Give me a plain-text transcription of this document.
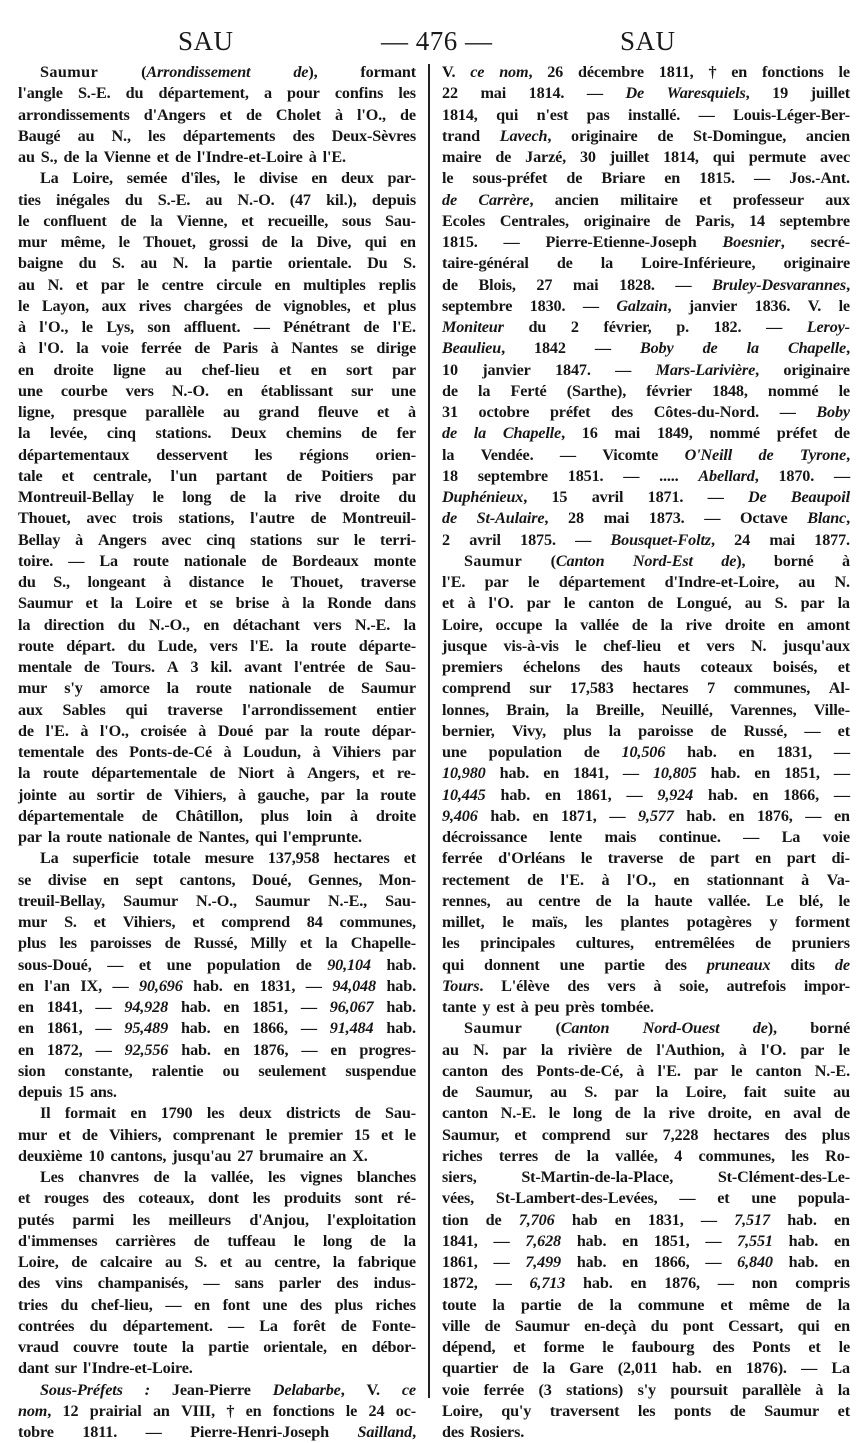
SAU	— 476 —	SAU
Saumur	(Arrondissement	de),	formant
l'angle S.-E. du département, a pour confins les
arrondissements d'Angers et de Cholet à l'O., de
Baugé au N., les départements des Deux-Sèvres
au S., de la Vienne et de l'Indre-et-Loire à l'E.
La Loire, semée d'îles, le divise en deux par-
ties inégales du S.-E. au N.-O. (47 kil.), depuis
le confluent de la Vienne, et recueille, sous Sau-
mur même, le Thouet, grossi de la Dive, qui en
baigne du S. au N. la partie orientale. Du S.
au N. et par le centre circule en multiples replis
le Layon, aux rives chargées de vignobles, et plus
à l'O., le Lys, son affluent. — Pénétrant de l'E.
à l'O. la voie ferrée de Paris à Nantes se dirige
en droite ligne au chef-lieu et en sort par
une courbe vers N.-O. en établissant sur une
ligne, presque parallèle au grand fleuve et à
la levée, cinq stations. Deux chemins de fer
départementaux desservent les régions orien-
tale et centrale, l'un partant de Poitiers par
Montreuil-Bellay le long de la rive droite du
Thouet, avec trois stations, l'autre de Montreuil-
Bellay à Angers avec cinq stations sur le terri-
toire. — La route nationale de Bordeaux monte
du S., longeant à distance le Thouet, traverse
Saumur et la Loire et se brise à la Ronde dans
la direction du N.-O., en détachant vers N.-E. la
route départ. du Lude, vers l'E. la route départe-
mentale de Tours. A 3 kil. avant l'entrée de Sau-
mur s'y amorce la route nationale de Saumur
aux Sables qui traverse l'arrondissement entier
de l'E. à l'O., croisée à Doué par la route dépar-
tementale des Ponts-de-Cé à Loudun, à Vihiers par
la route départementale de Niort à Angers, et re-
jointe au sortir de Vihiers, à gauche, par la route
départementale de Châtillon, plus loin à droite
par la route nationale de Nantes, qui l'emprunte.
La superficie totale mesure 137,958 hectares et
se divise en sept cantons, Doué, Gennes, Mon-
treuil-Bellay, Saumur N.-O., Saumur N.-E., Sau-
mur S. et Vihiers, et comprend 84 communes,
plus les paroisses de Russé, Milly et la Chapelle-
sous-Doué, — et une population de 90,104 hab.
en l'an IX, — 90,696 hab. en 1831, — 94,048 hab.
en 1841, — 94,928 hab. en 1851, — 96,067 hab.
en 1861, — 95,489 hab. en 1866, — 91,484 hab.
en 1872, — 92,556 hab. en 1876, — en progres-
sion constante, ralentie ou seulement suspendue
depuis 15 ans.
Il formait en 1790 les deux districts de Sau-
mur et de Vihiers, comprenant le premier 15 et le
deuxième 10 cantons, jusqu'au 27 brumaire an X.
Les chanvres de la vallée, les vignes blanches
et rouges des coteaux, dont les produits sont ré-
putés parmi les meilleurs d'Anjou, l'exploitation
d'immenses carrières de tuffeau le long de la
Loire, de calcaire au S. et au centre, la fabrique
des vins champanisés, — sans parler des indus-
tries du chef-lieu, — en font une des plus riches
contrées du département. — La forêt de Fonte-
vraud couvre toute la partie orientale, en débor-
dant sur l'Indre-et-Loire.
Sous-Préfets : Jean-Pierre Delabarbe, V. ce
nom, 12 prairial an VIII, † en fonctions le 24 oc-
tobre 1811. — Pierre-Henri-Joseph Sailland,
V. ce nom, 26 décembre 1811, † en fonctions le
22 mai 1814. — De Waresquiels, 19 juillet
1814, qui n'est pas installé. — Louis-Léger-Ber-
trand Lavech, originaire de St-Domingue, ancien
maire de Jarzé, 30 juillet 1814, qui permute avec
le sous-préfet de Briare en 1815. — Jos.-Ant.
de Carrère, ancien militaire et professeur aux
Ecoles Centrales, originaire de Paris, 14 septembre
1815. — Pierre-Etienne-Joseph Boesnier, secré-
taire-général de la Loire-Inférieure, originaire
de Blois, 27 mai 1828. — Bruley-Desvarannes,
septembre 1830. — Galzain, janvier 1836. V. le
Moniteur du 2 février, p. 182. — Leroy-
Beaulieu, 1842 — Boby de la Chapelle,
10 janvier 1847. — Mars-Larivière, originaire
de la Ferté (Sarthe), février 1848, nommé le
31 octobre préfet des Côtes-du-Nord. — Boby
de la Chapelle, 16 mai 1849, nommé préfet de
la Vendée. — Vicomte O'Neill de Tyrone,
18 septembre 1851. — ..... Abellard, 1870. —
Duphénieux, 15 avril 1871. — De Beaupoil
de St-Aulaire, 28 mai 1873. — Octave Blanc,
2 avril 1875. — Bousquet-Foltz, 24 mai 1877.
Saumur (Canton Nord-Est de), borné à
l'E. par le département d'Indre-et-Loire, au N.
et à l'O. par le canton de Longué, au S. par la
Loire, occupe la vallée de la rive droite en amont
jusque vis-à-vis le chef-lieu et vers N. jusqu'aux
premiers échelons des hauts coteaux boisés, et
comprend sur 17,583 hectares 7 communes, Al-
lonnes, Brain, la Breille, Neuillé, Varennes, Ville-
bernier, Vivy, plus la paroisse de Russé, — et
une population de 10,506 hab. en 1831, —
10,980 hab. en 1841, — 10,805 hab. en 1851, —
10,445 hab. en 1861, — 9,924 hab. en 1866, —
9,406 hab. en 1871, — 9,577 hab. en 1876, — en
décroissance lente mais continue. — La voie
ferrée d'Orléans le traverse de part en part di-
rectement de l'E. à l'O., en stationnant à Va-
rennes, au centre de la haute vallée. Le blé, le
millet, le maïs, les plantes potagères y forment
les principales cultures, entremêlées de pruniers
qui donnent une partie des pruneaux dits de
Tours. L'élève des vers à soie, autrefois impor-
tante y est à peu près tombée.
Saumur (Canton Nord-Ouest de), borné
au N. par la rivière de l'Authion, à l'O. par le
canton des Ponts-de-Cé, à l'E. par le canton N.-E.
de Saumur, au S. par la Loire, fait suite au
canton N.-E. le long de la rive droite, en aval de
Saumur, et comprend sur 7,228 hectares des plus
riches terres de la vallée, 4 communes, les Ro-
siers,	St-Martin-de-la-Place,	St-Clément-des-Le-
vées, St-Lambert-des-Levées, — et une popula-
tion de 7,706 hab en 1831, — 7,517 hab. en
1841, — 7,628 hab. en 1851, — 7,551 hab. en
1861, — 7,499 hab. en 1866, — 6,840 hab. en
1872, — 6,713 hab. en 1876, — non compris
toute la partie de la commune et même de la
ville de Saumur en-deçà du pont Cessart, qui en
dépend, et forme le faubourg des Ponts et le
quartier de la Gare (2,011 hab. en 1876). — La
voie ferrée (3 stations) s'y poursuit parallèle à la
Loire, qu'y traversent les ponts de Saumur et
des Rosiers.
